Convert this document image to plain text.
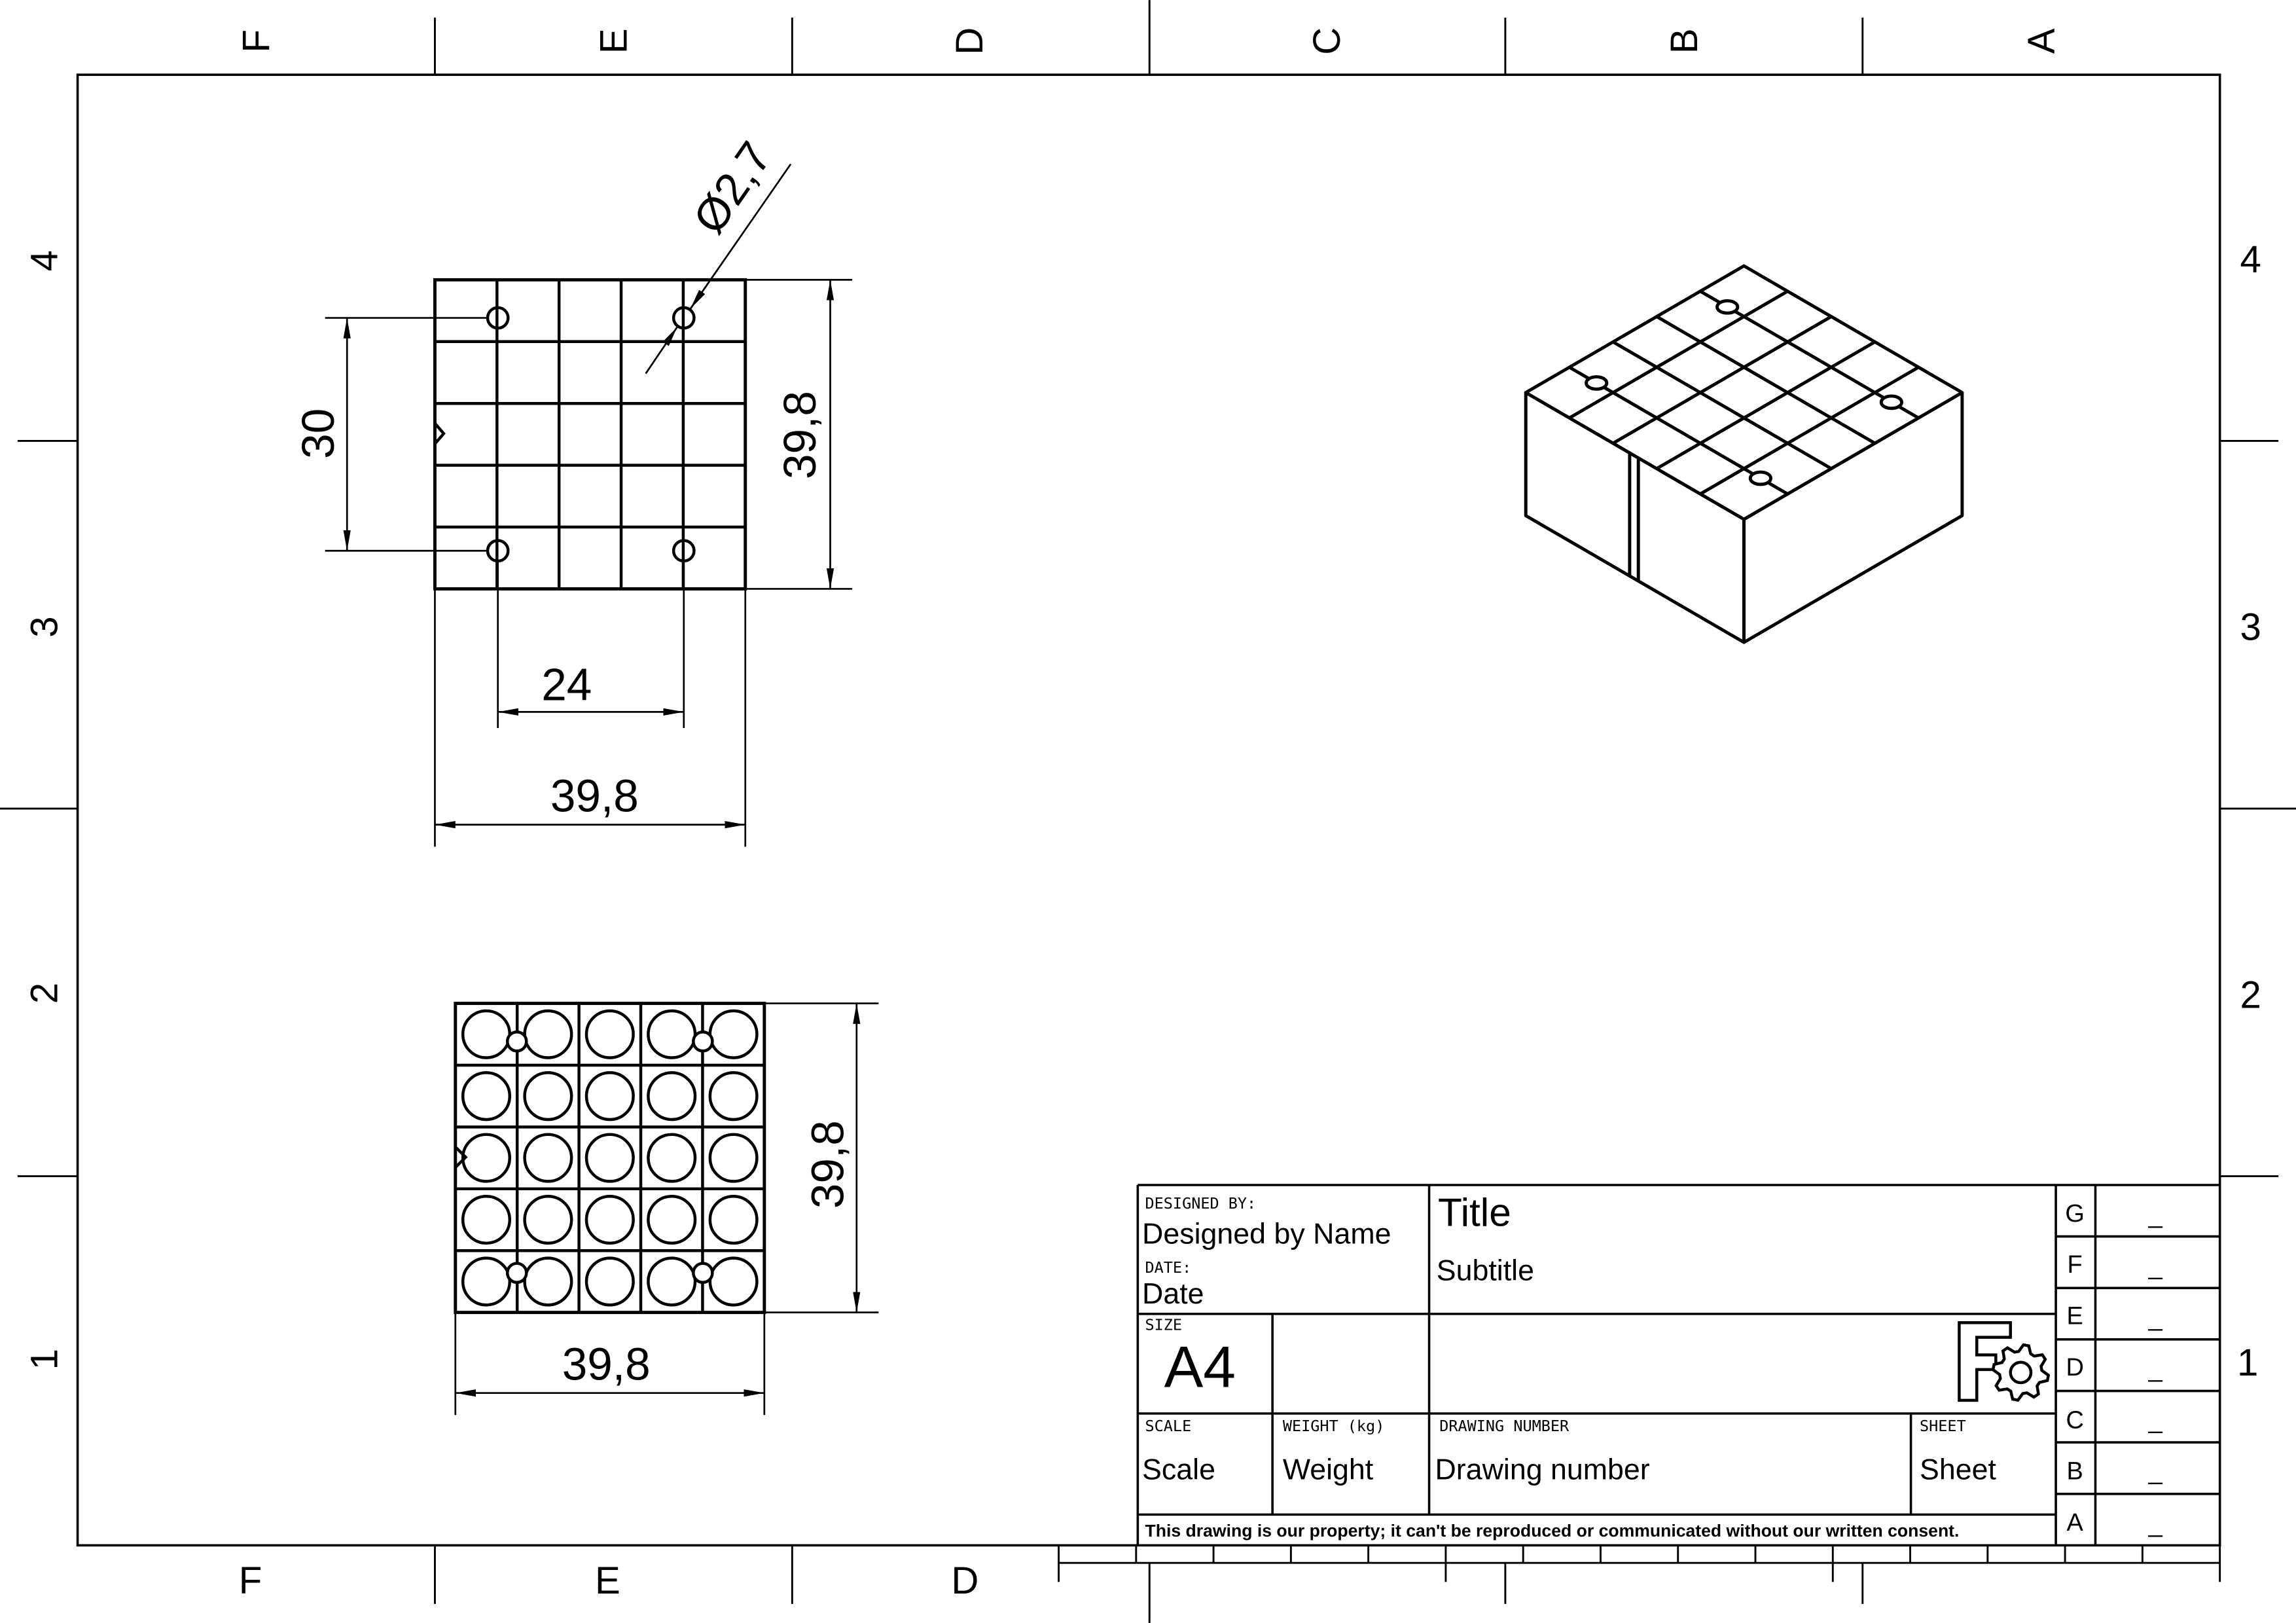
F	E	D	C	B	A
4
3
2
1
4
3
2
1
F	E	D
Ø2,7
30	39,8
24
39,8
39,8
39,8
DESIGNED BY:
Designed by Name
DATE:
Date
Title
Subtitle
SIZE
A4
SCALE
Scale
WEIGHT (kg)
Weight
DRAWING NUMBER
Drawing number
SHEET
Sheet
This drawing is our property; it can't be reproduced or communicated without our written consent.
G	_
F	_
E	_
D	_
C	_
B	_
A	_
